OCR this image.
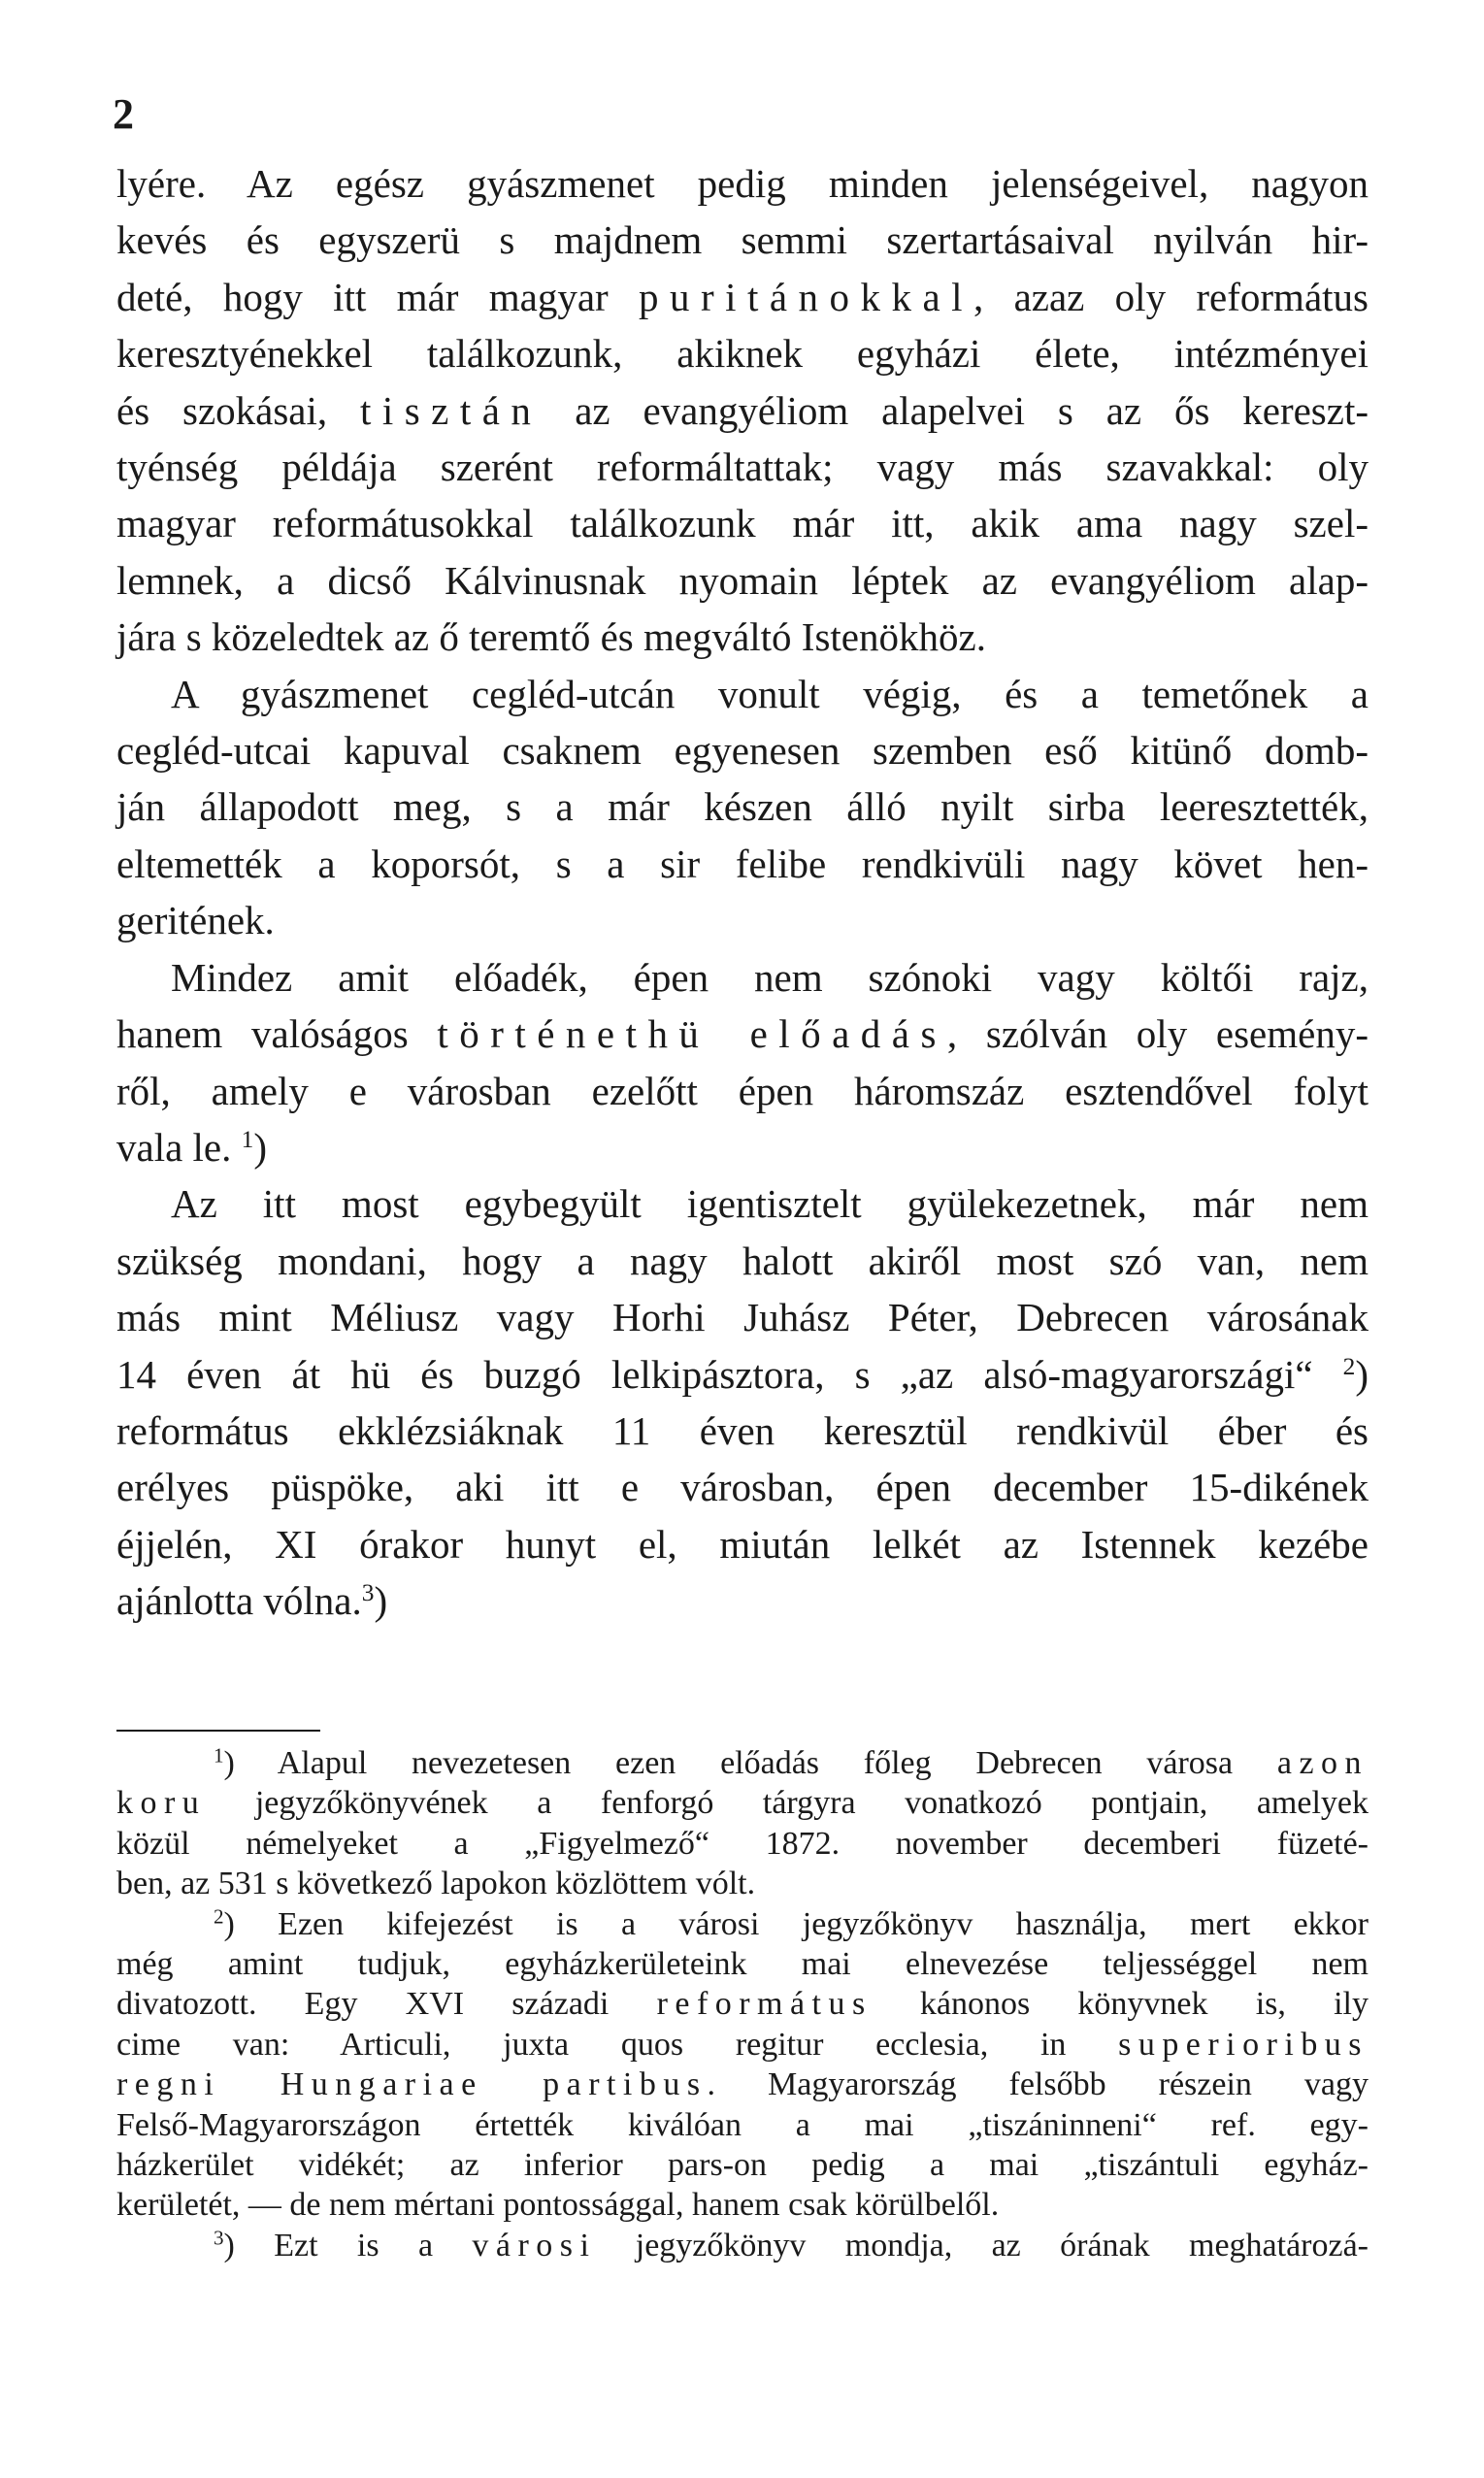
2
lyére. Az egész gyászmenet pedig minden jelenségeivel, nagyon
kevés és egyszerü s majdnem semmi szertartásaival nyilván hir-
deté, hogy itt már magyar puritánokkal, azaz oly református
keresztyénekkel találkozunk, akiknek egyházi élete, intézményei
és szokásai, tisztán az evangyéliom alapelvei s az ős kereszt-
tyénség példája szerént reformáltattak; vagy más szavakkal: oly
magyar reformátusokkal találkozunk már itt, akik ama nagy szel-
lemnek, a dicső Kálvinusnak nyomain léptek az evangyéliom alap-
jára s közeledtek az ő teremtő és megváltó Istenökhöz.
A gyászmenet cegléd-utcán vonult végig, és a temetőnek a
cegléd-utcai kapuval csaknem egyenesen szemben eső kitünő domb-
ján állapodott meg, s a már készen álló nyilt sirba leeresztették,
eltemették a koporsót, s a sir felibe rendkivüli nagy követ hen-
geritének.
Mindez amit előadék, épen nem szónoki vagy költői rajz,
hanem valóságos történethü előadás, szólván oly esemény-
ről, amely e városban ezelőtt épen háromszáz esztendővel folyt
vala le. $^1$)
Az itt most egybegyült igentisztelt gyülekezetnek, már nem
szükség mondani, hogy a nagy halott akiről most szó van, nem
más mint Méliusz vagy Horhi Juhász Péter, Debrecen városának
14 éven át hü és buzgó lelkipásztora, s „az alsó-magyarországi“ $^2$)
református ekklézsiáknak 11 éven keresztül rendkivül éber és
erélyes püspöke, aki itt e városban, épen december 15-dikének
éjjelén, XI órakor hunyt el, miután lelkét az Istennek kezébe
ajánlotta vólna.$^3$)
$^1$) Alapul nevezetesen ezen előadás főleg Debrecen városa azon
koru jegyzőkönyvének a fenforgó tárgyra vonatkozó pontjain, amelyek
közül némelyeket a „Figyelmező“ 1872. november decemberi füzeté-
ben, az 531 s következő lapokon közlöttem vólt.
$^2$) Ezen kifejezést is a városi jegyzőkönyv használja, mert ekkor
még amint tudjuk, egyházkerületeink mai elnevezése teljességgel nem
divatozott. Egy XVI századi református kánonos könyvnek is, ily
cime van: Articuli, juxta quos regitur ecclesia, in superioribus
regni Hungariae partibus. Magyarország felsőbb részein vagy
Felső-Magyarországon értették kiválóan a mai „tiszáninneni“ ref. egy-
házkerület vidékét; az inferior pars-on pedig a mai „tiszántuli egyház-
kerületét, — de nem mértani pontossággal, hanem csak körülbelől.
$^3$) Ezt is a városi jegyzőkönyv mondja, az órának meghatározá-
